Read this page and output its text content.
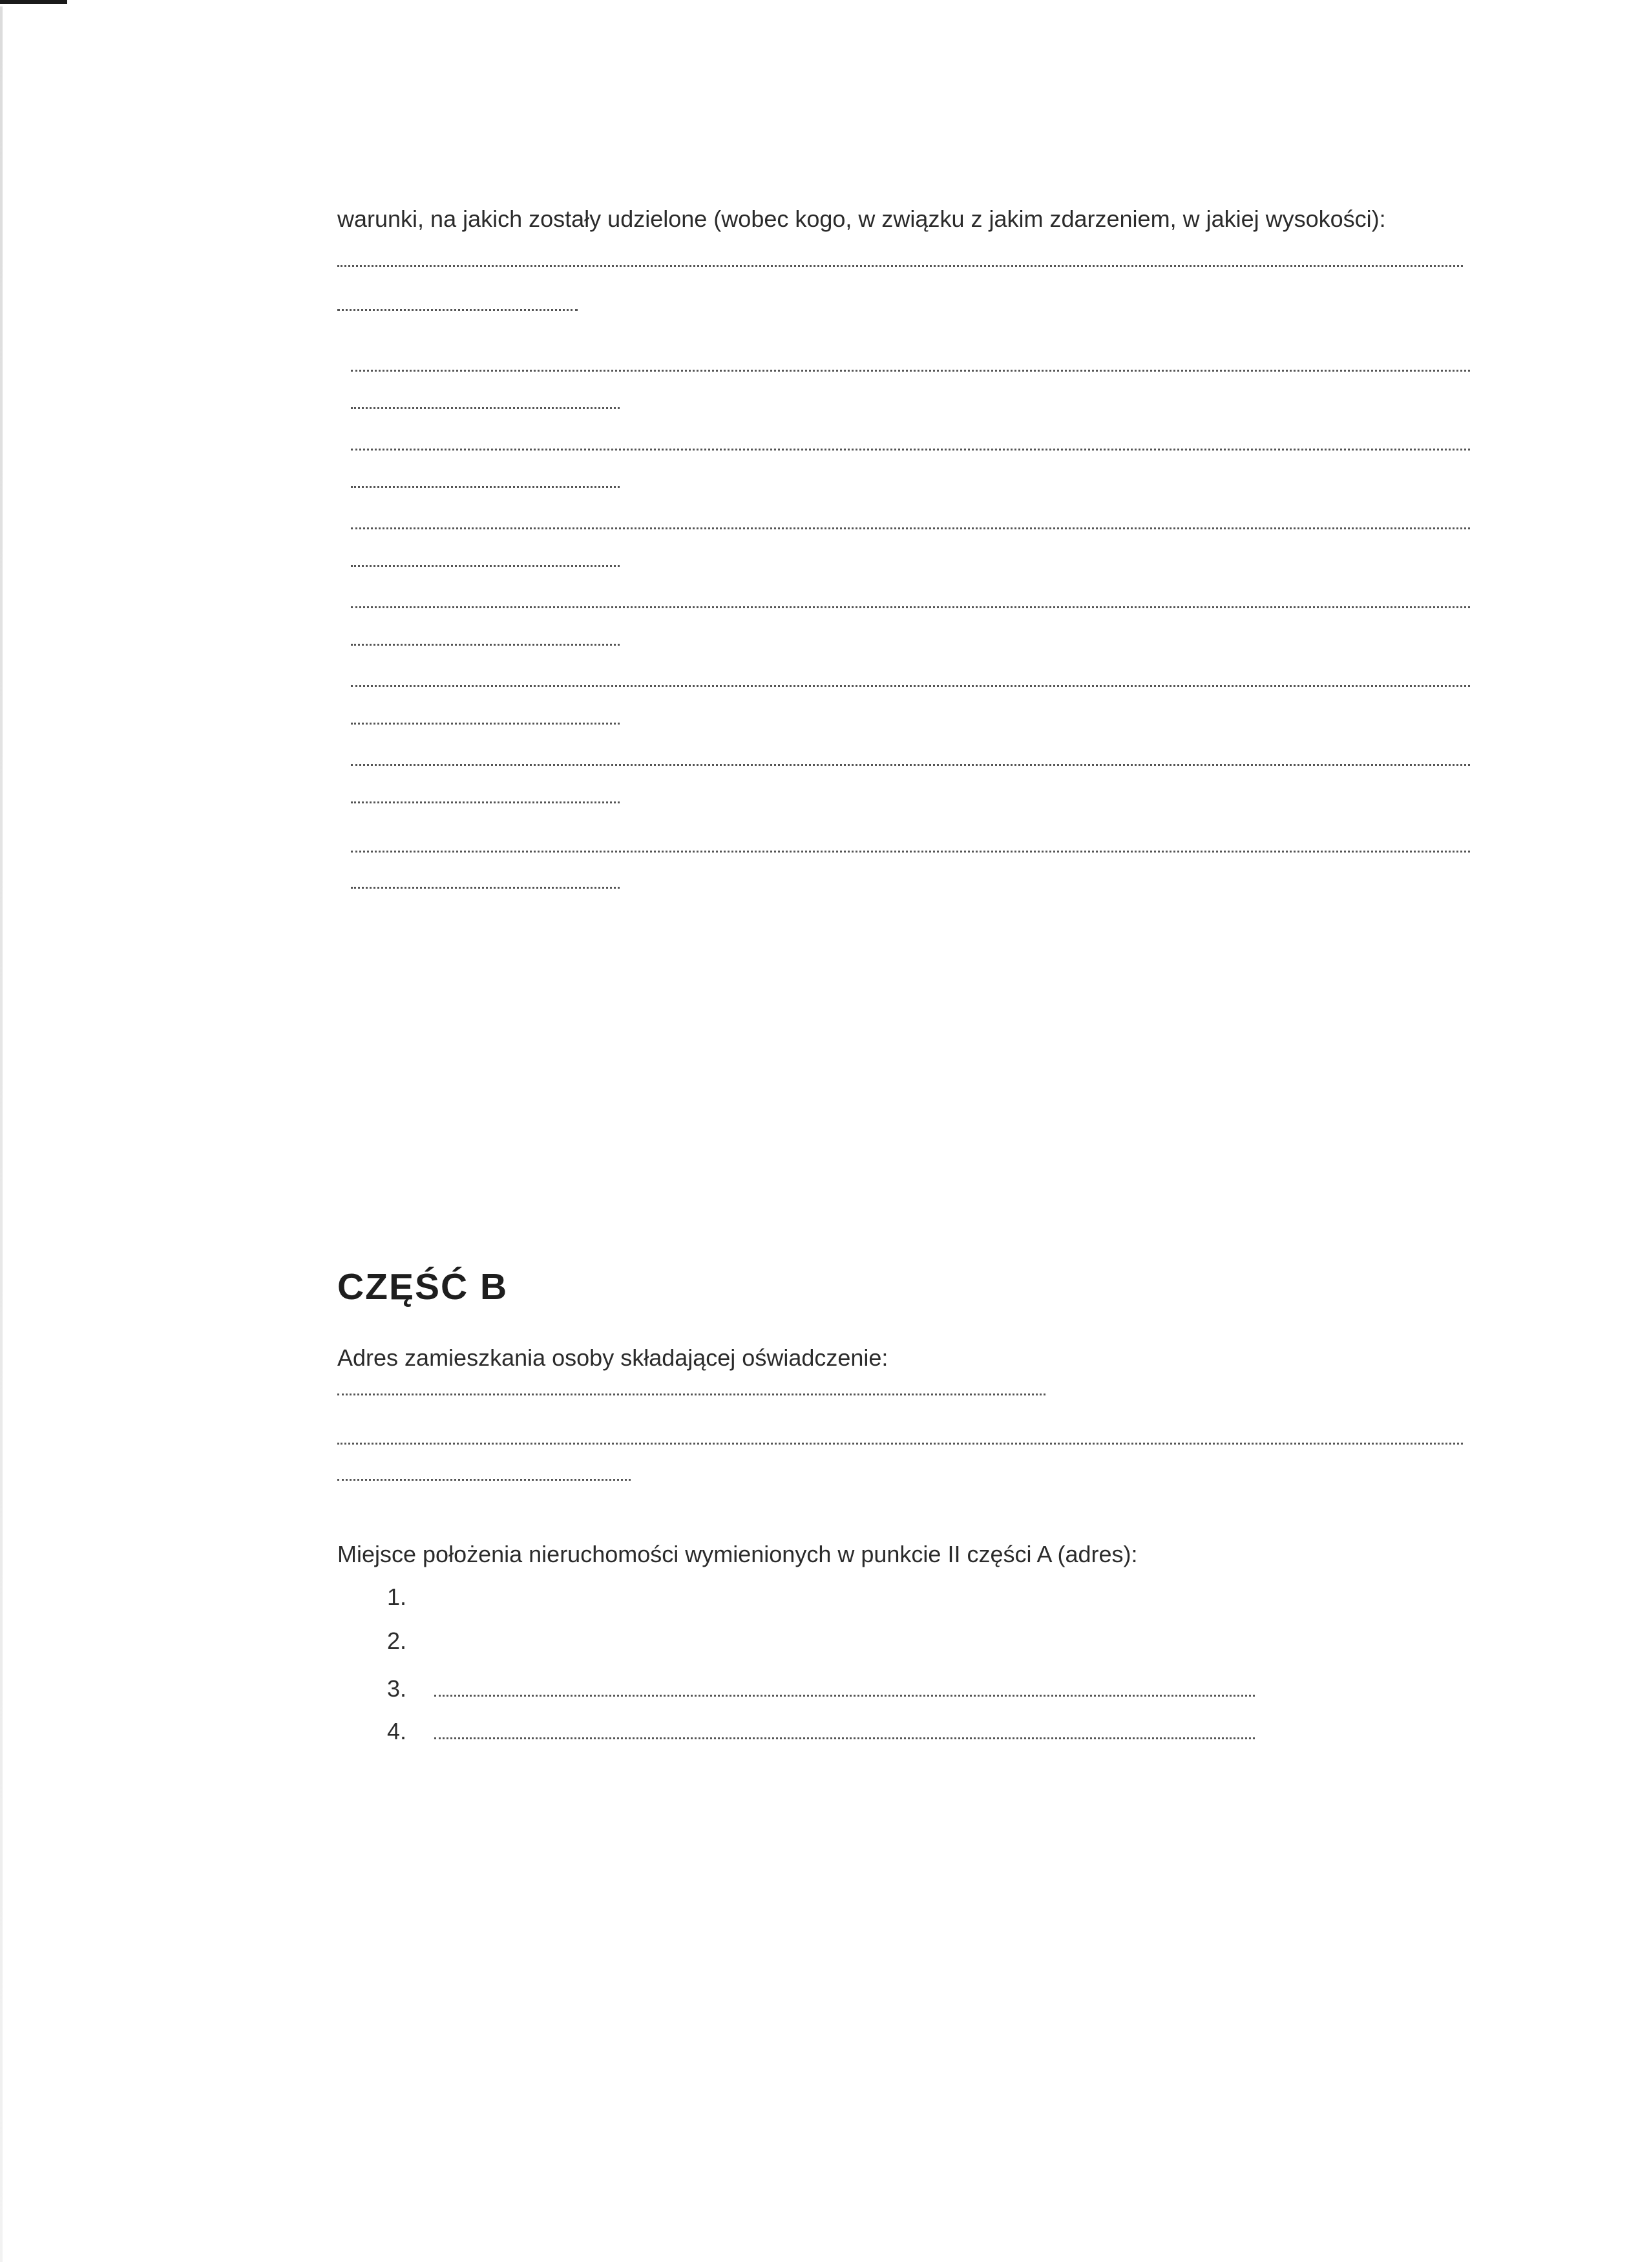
warunki, na jakich zostały udzielone (wobec kogo, w związku z jakim zdarzeniem, w jakiej wysokości):
CZĘŚĆ B
Adres zamieszkania osoby składającej oświadczenie:
Miejsce położenia nieruchomości wymienionych w punkcie II części A (adres):
1.
2.
3.
4.
